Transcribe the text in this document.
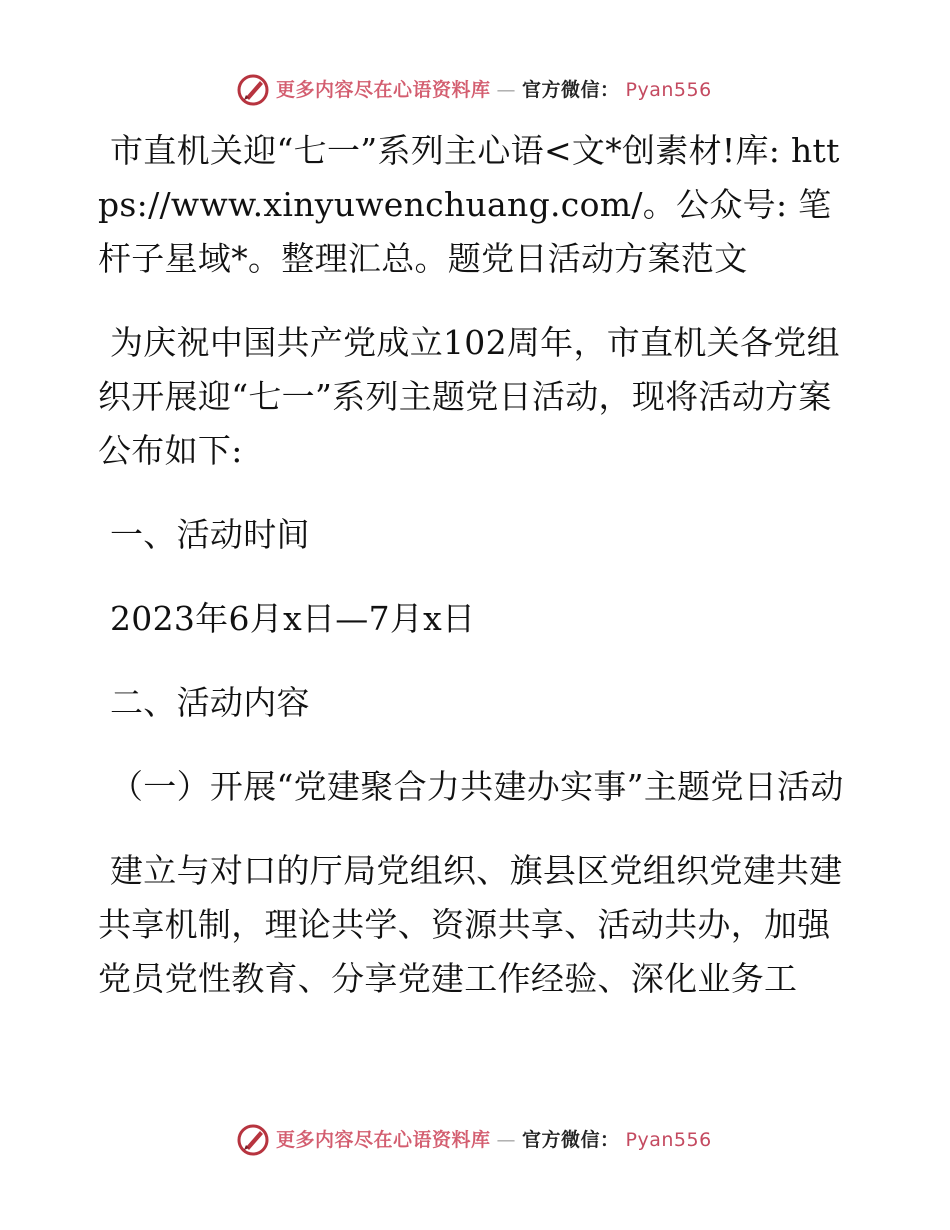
更多内容尽在心语资料库 — 官方微信： Pyan556

市直机关迎“七一”系列主心语<文*创素材!库: https://www.xinyuwenchuang.com/。公众号: 笔杆子星域*。整理汇总。题党日活动方案范文

为庆祝中国共产党成立102周年，市直机关各党组织开展迎“七一”系列主题党日活动，现将活动方案公布如下:

一、活动时间

2023年6月x日—7月x日

二、活动内容

（一）开展“党建聚合力共建办实事”主题党日活动

建立与对口的厅局党组织、旗县区党组织党建共建共享机制，理论共学、资源共享、活动共办，加强党员党性教育、分享党建工作经验、深化业务工

更多内容尽在心语资料库 — 官方微信： Pyan556
